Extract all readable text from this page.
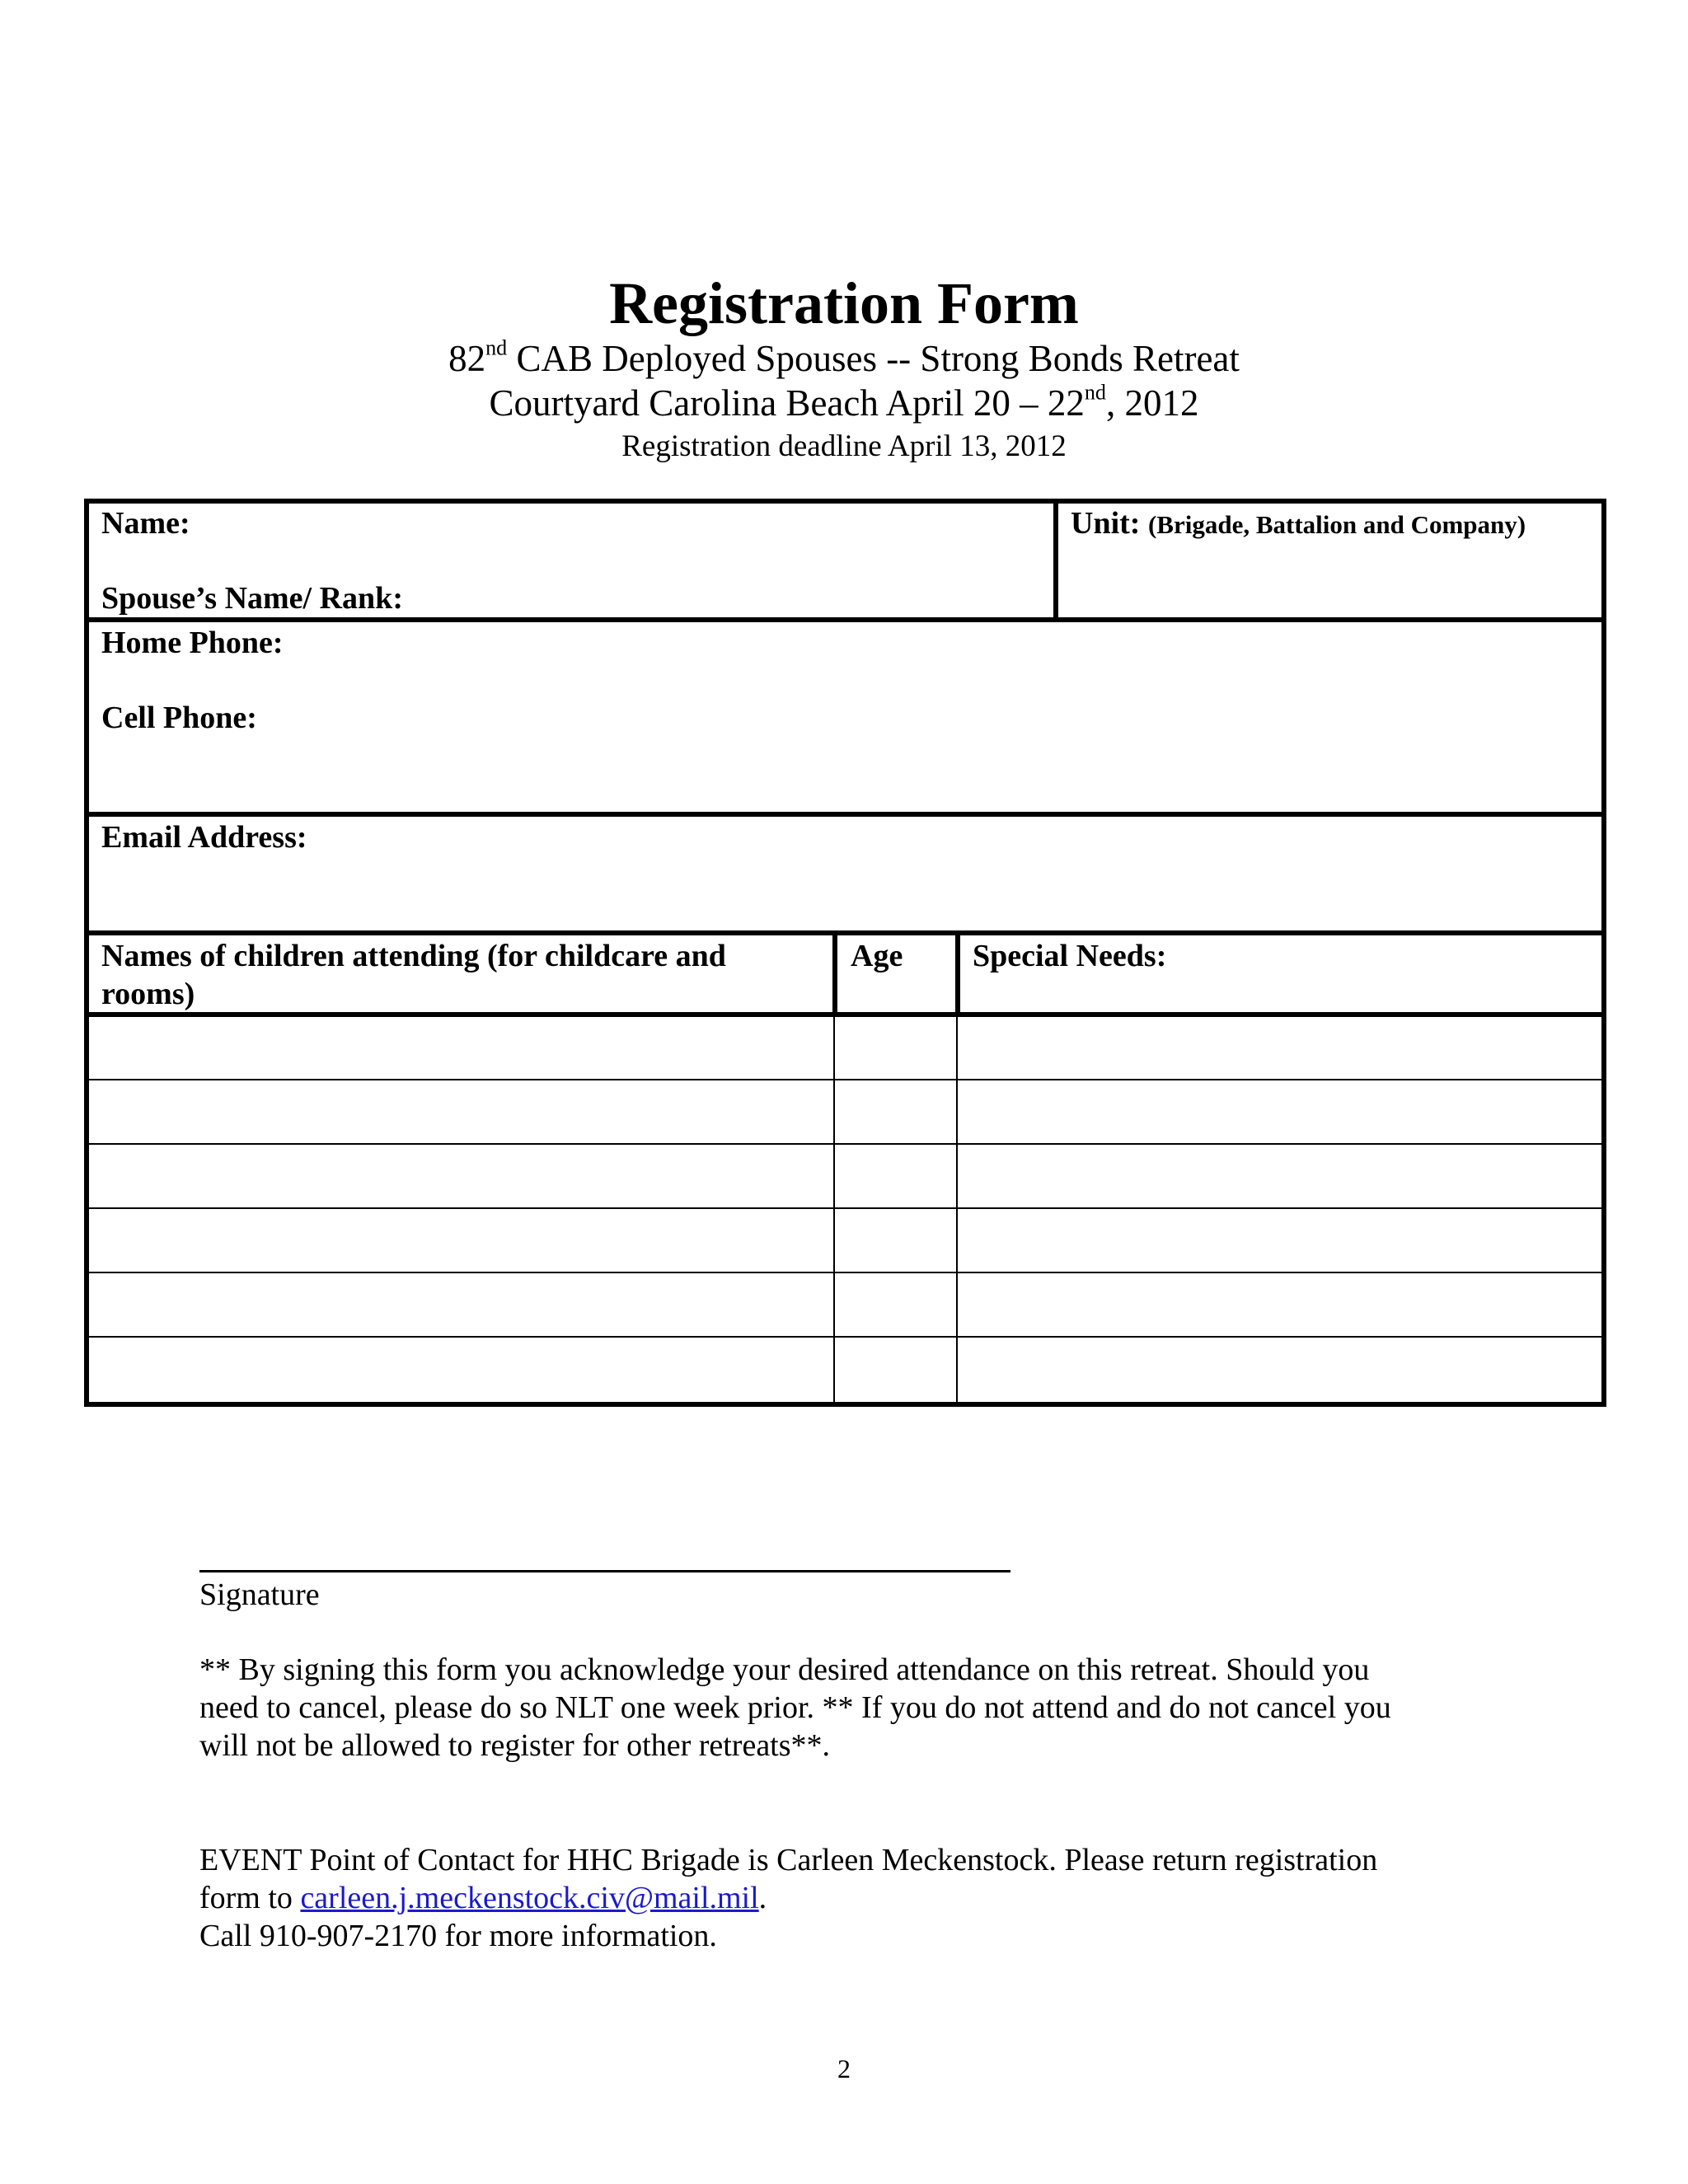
Registration Form
82nd CAB Deployed Spouses -- Strong Bonds Retreat
Courtyard Carolina Beach April 20 – 22nd, 2012
Registration deadline April 13, 2012
Name:
Spouse’s Name/ Rank:
Unit: (Brigade, Battalion and Company)
Home Phone:
Cell Phone:
Email Address:
Names of children attending (for childcare and
rooms)
Age Special Needs:
Signature
** By signing this form you acknowledge your desired attendance on this retreat. Should you
need to cancel, please do so NLT one week prior. ** If you do not attend and do not cancel you
will not be allowed to register for other retreats**.
EVENT Point of Contact for HHC Brigade is Carleen Meckenstock. Please return registration
form to carleen.j.meckenstock.civ@mail.mil.
Call 910-907-2170 for more information.
2
